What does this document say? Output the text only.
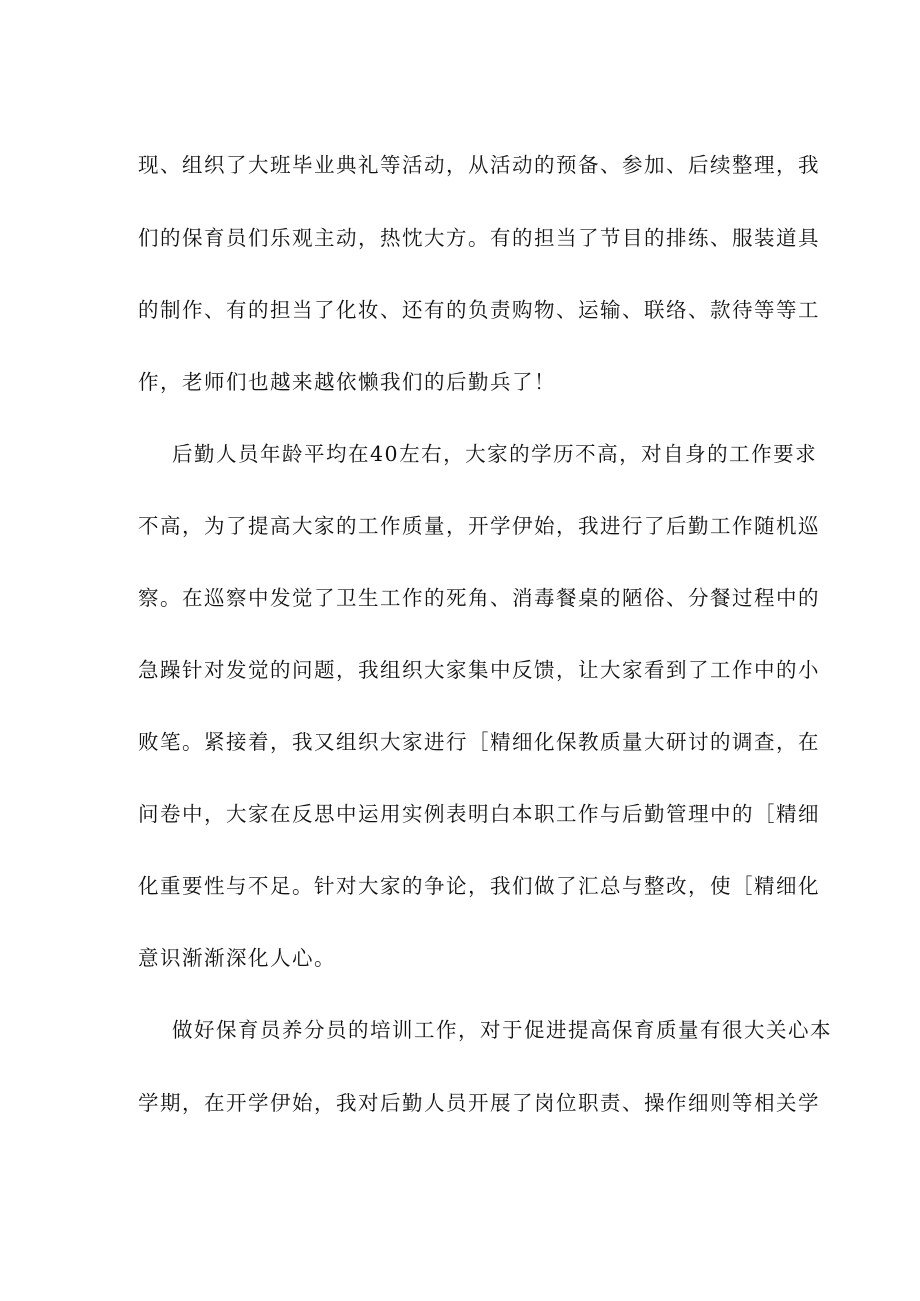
现、组织了大班毕业典礼等活动，从活动的预备、参加、后续整理，我
们的保育员们乐观主动，热忱大方。有的担当了节目的排练、服装道具
的制作、有的担当了化妆、还有的负责购物、运输、联络、款待等等工
作，老师们也越来越依懒我们的后勤兵了！
后勤人员年龄平均在40左右，大家的学历不高，对自身的工作要求
不高，为了提高大家的工作质量，开学伊始，我进行了后勤工作随机巡
察。在巡察中发觉了卫生工作的死角、消毒餐桌的陋俗、分餐过程中的
急躁针对发觉的问题，我组织大家集中反馈，让大家看到了工作中的小
败笔。紧接着，我又组织大家进行［精细化保教质量大研讨的调查，在
问卷中，大家在反思中运用实例表明白本职工作与后勤管理中的［精细
化重要性与不足。针对大家的争论，我们做了汇总与整改，使［精细化
意识渐渐深化人心。
做好保育员养分员的培训工作，对于促进提高保育质量有很大关心本
学期，在开学伊始，我对后勤人员开展了岗位职责、操作细则等相关学
